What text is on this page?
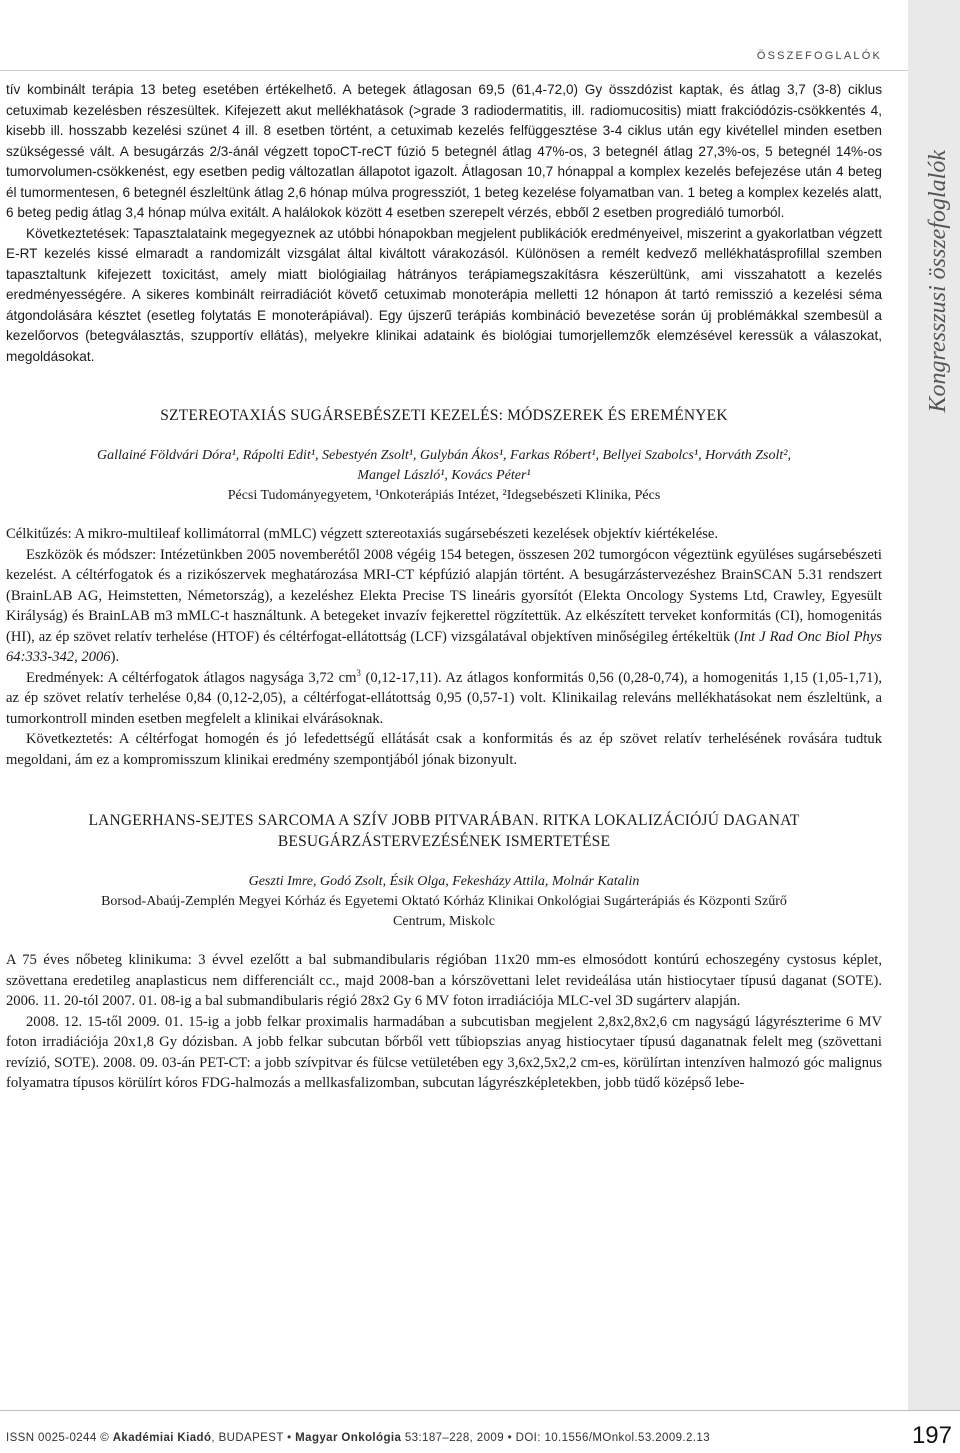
ÖSSZEFOGLALÓK
Kongresszusi összefoglalók

tív kombinált terápia 13 beteg esetében értékelhető. A betegek átlagosan 69,5 (61,4-72,0) Gy összdózist kaptak, és átlag 3,7 (3-8) ciklus cetuximab kezelésben részesültek. Kifejezett akut mellékhatások (>grade 3 radiodermatitis, ill. radiomucositis) miatt frakciódózis-csökkentés 4, kisebb ill. hosszabb kezelési szünet 4 ill. 8 esetben történt, a cetuximab kezelés felfüggesztése 3-4 ciklus után egy kivétellel minden esetben szükségessé vált. A besugárzás 2/3-ánál végzett topoCT-reCT fúzió 5 betegnél átlag 47%-os, 3 betegnél átlag 27,3%-os, 5 betegnél 14%-os tumorvolumen-csökkenést, egy esetben pedig változatlan állapotot igazolt. Átlagosan 10,7 hónappal a komplex kezelés befejezése után 4 beteg él tumormentesen, 6 betegnél észleltünk átlag 2,6 hónap múlva progressziót, 1 beteg kezelése folyamatban van. 1 beteg a komplex kezelés alatt, 6 beteg pedig átlag 3,4 hónap múlva exitált. A halálokok között 4 esetben szerepelt vérzés, ebből 2 esetben progrediáló tumorból.

Következtetések: Tapasztalataink megegyeznek az utóbbi hónapokban megjelent publikációk eredményeivel, miszerint a gyakorlatban végzett E-RT kezelés kissé elmaradt a randomizált vizsgálat által kiváltott várakozásól. Különösen a remélt kedvező mellékhatásprofillal szemben tapasztaltunk kifejezett toxicitást, amely miatt biológiailag hátrányos terápiamegszakításra készerültünk, ami visszahatott a kezelés eredményességére. A sikeres kombinált reirradiációt követő cetuximab monoterápia melletti 12 hónapon át tartó remisszió a kezelési séma átgondolására késztet (esetleg folytatás E monoterápiával). Egy újszerű terápiás kombináció bevezetése során új problémákkal szembesül a kezelőorvos (betegválasztás, szupportív ellátás), melyekre klinikai adataink és biológiai tumorjellemzők elemzésével keressük a válaszokat, megoldásokat.

SZTEREOTAXIÁS SUGÁRSEBÉSZETI KEZELÉS: MÓDSZEREK ÉS EREMÉNYEK
Gallainé Földvári Dóra¹, Rápolti Edit¹, Sebestyén Zsolt¹, Gulybán Ákos¹, Farkas Róbert¹, Bellyei Szabolcs¹, Horváth Zsolt²,
Mangel László¹, Kovács Péter¹
Pécsi Tudományegyetem, ¹Onkoterápiás Intézet, ²Idegsebészeti Klinika, Pécs

Célkitűzés: A mikro-multileaf kollimátorral (mMLC) végzett sztereotaxiás sugársebészeti kezelések objektív kiértékelése.

Eszközök és módszer: Intézetünkben 2005 novemberétől 2008 végéig 154 betegen, összesen 202 tumorgócon végeztünk együléses sugársebészeti kezelést. A céltérfogatok és a rizikószervek meghatározása MRI-CT képfúzió alapján történt. A besugárzástervezéshez BrainSCAN 5.31 rendszert (BrainLAB AG, Heimstetten, Németország), a kezeléshez Elekta Precise TS lineáris gyorsítót (Elekta Oncology Systems Ltd, Crawley, Egyesült Királyság) és BrainLAB m3 mMLC-t használtunk. A betegeket invazív fejkerettel rögzítettük. Az elkészített terveket konformitás (CI), homogenitás (HI), az ép szövet relatív terhelése (HTOF) és céltérfogat-ellátottság (LCF) vizsgálatával objektíven minőségileg értékeltük (Int J Rad Onc Biol Phys 64:333-342, 2006).

Eredmények: A céltérfogatok átlagos nagysága 3,72 $cm^3$ (0,12-17,11). Az átlagos konformitás 0,56 (0,28-0,74), a homogenitás 1,15 (1,05-1,71), az ép szövet relatív terhelése 0,84 (0,12-2,05), a céltérfogat-ellátottság 0,95 (0,57-1) volt. Klinikailag releváns mellékhatásokat nem észleltünk, a tumorkontroll minden esetben megfelelt a klinikai elvárásoknak.

Következtetés: A céltérfogat homogén és jó lefedettségű ellátását csak a konformitás és az ép szövet relatív terhelésének rovására tudtuk megoldani, ám ez a kompromisszum klinikai eredmény szempontjából jónak bizonyult.

LANGERHANS-SEJTES SARCOMA A SZÍV JOBB PITVARÁBAN. RITKA LOKALIZÁCIÓJÚ DAGANAT
BESUGÁRZÁSTERVEZÉSÉNEK ISMERTETÉSE
Geszti Imre, Godó Zsolt, Ésik Olga, Fekesházy Attila, Molnár Katalin
Borsod-Abaúj-Zemplén Megyei Kórház és Egyetemi Oktató Kórház Klinikai Onkológiai Sugárterápiás és Központi Szűrő
Centrum, Miskolc

A 75 éves nőbeteg klinikuma: 3 évvel ezelőtt a bal submandibularis régióban 11x20 mm-es elmosódott kontúrú echoszegény cystosus képlet, szövettana eredetileg anaplasticus nem differenciált cc., majd 2008-ban a kórszövettani lelet revideálása után histiocytaer típusú daganat (SOTE). 2006. 11. 20-tól 2007. 01. 08-ig a bal submandibularis régió 28x2 Gy 6 MV foton irradiációja MLC-vel 3D sugárterv alapján.

2008. 12. 15-től 2009. 01. 15-ig a jobb felkar proximalis harmadában a subcutisban megjelent 2,8x2,8x2,6 cm nagyságú lágyrészterime 6 MV foton irradiációja 20x1,8 Gy dózisban. A jobb felkar subcutan bőrből vett tűbiopszias anyag histiocytaer típusú daganatnak felelt meg (szövettani revízió, SOTE). 2008. 09. 03-án PET-CT: a jobb szívpitvar és fülcse vetületében egy 3,6x2,5x2,2 cm-es, körülírtan intenzíven halmozó góc malignus folyamatra típusos körülírt kóros FDG-halmozás a mellkasfalizomban, subcutan lágyrészképletekben, jobb tüdő középső lebe-

ISSN 0025-0244 © Akadémiai Kiadó, BUDAPEST • Magyar Onkológia 53:187–228, 2009 • DOI: 10.1556/MOnkol.53.2009.2.13	197
